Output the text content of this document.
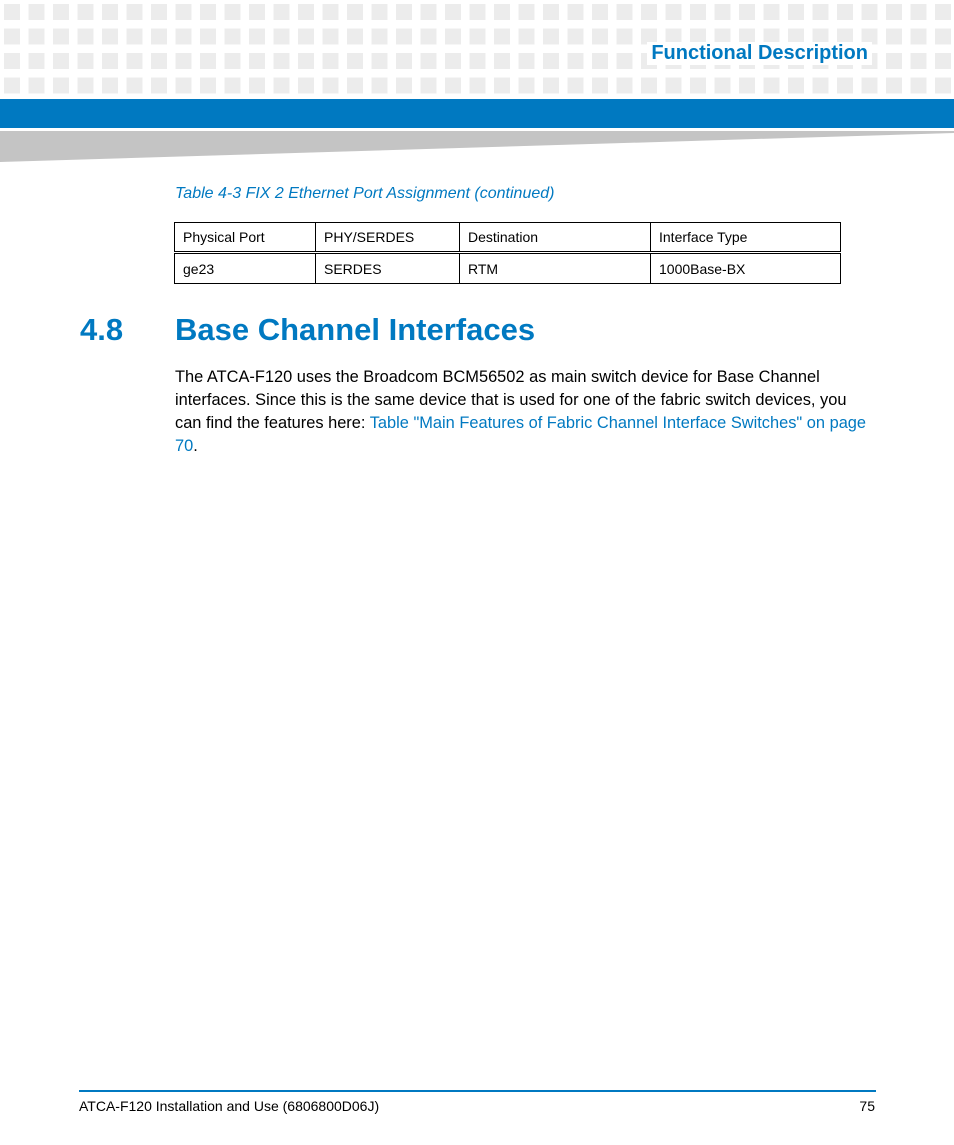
Functional Description
Table 4-3 FIX 2 Ethernet Port Assignment (continued)
Physical Port	PHY/SERDES	Destination	Interface Type
ge23	SERDES	RTM	1000Base-BX
4.8 Base Channel Interfaces

The ATCA-F120 uses the Broadcom BCM56502 as main switch device for Base Channel interfaces. Since this is the same device that is used for one of the fabric switch devices, you can find the features here: Table "Main Features of Fabric Channel Interface Switches" on page 70.

ATCA-F120 Installation and Use (6806800D06J)	75
